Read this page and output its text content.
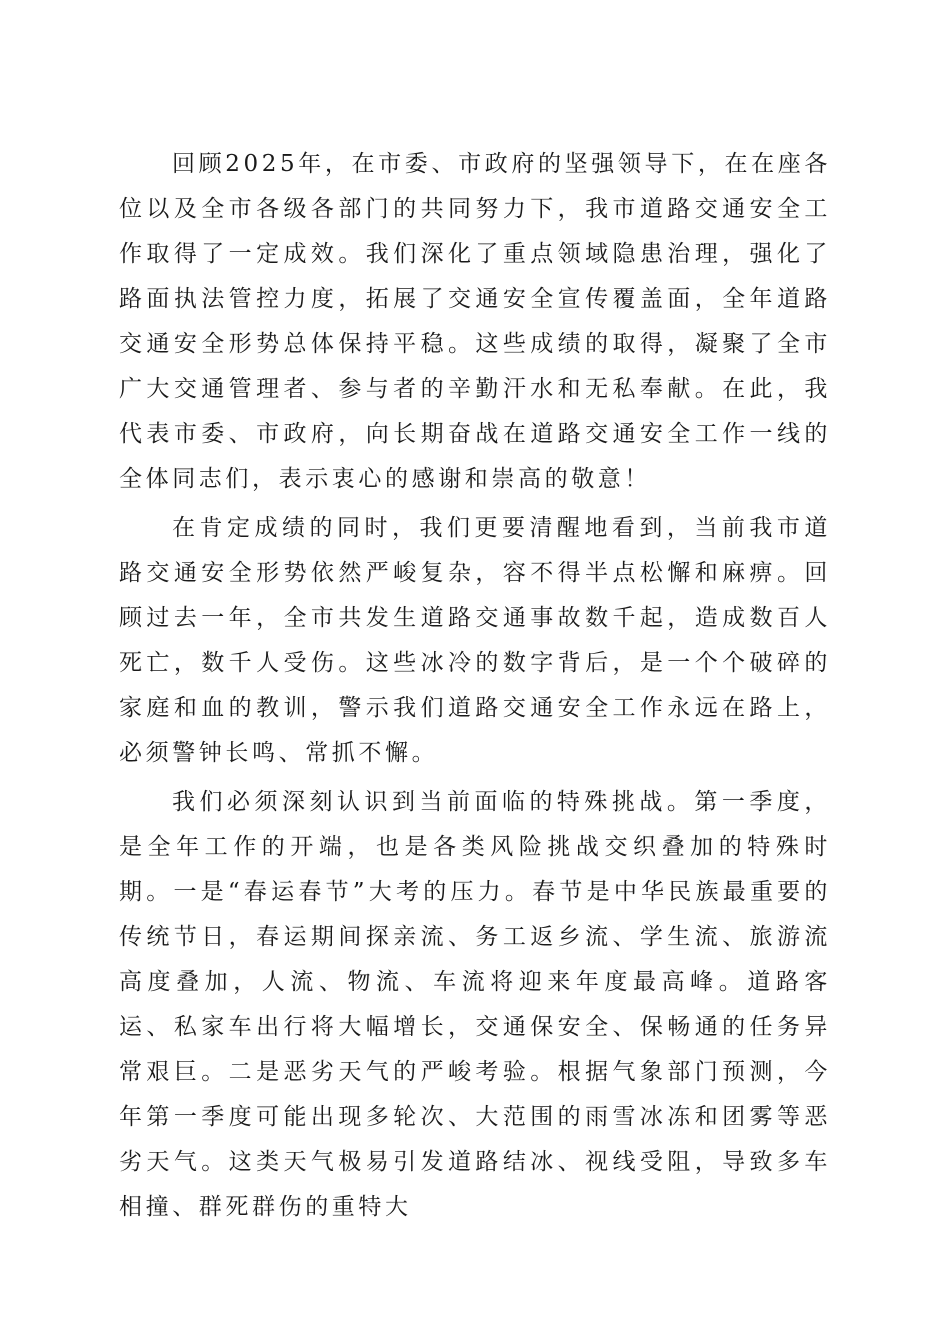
回顾2025年，在市委、市政府的坚强领导下，在在座各位以及全市各级各部门的共同努力下，我市道路交通安全工作取得了一定成效。我们深化了重点领域隐患治理，强化了路面执法管控力度，拓展了交通安全宣传覆盖面，全年道路交通安全形势总体保持平稳。这些成绩的取得，凝聚了全市广大交通管理者、参与者的辛勤汗水和无私奉献。在此，我代表市委、市政府，向长期奋战在道路交通安全工作一线的全体同志们，表示衷心的感谢和崇高的敬意！

在肯定成绩的同时，我们更要清醒地看到，当前我市道路交通安全形势依然严峻复杂，容不得半点松懈和麻痹。回顾过去一年，全市共发生道路交通事故数千起，造成数百人死亡，数千人受伤。这些冰冷的数字背后，是一个个破碎的家庭和血的教训，警示我们道路交通安全工作永远在路上，必须警钟长鸣、常抓不懈。

我们必须深刻认识到当前面临的特殊挑战。第一季度，是全年工作的开端，也是各类风险挑战交织叠加的特殊时期。一是“春运春节”大考的压力。春节是中华民族最重要的传统节日，春运期间探亲流、务工返乡流、学生流、旅游流高度叠加，人流、物流、车流将迎来年度最高峰。道路客运、私家车出行将大幅增长，交通保安全、保畅通的任务异常艰巨。二是恶劣天气的严峻考验。根据气象部门预测，今年第一季度可能出现多轮次、大范围的雨雪冰冻和团雾等恶劣天气。这类天气极易引发道路结冰、视线受阻，导致多车相撞、群死群伤的重特大
